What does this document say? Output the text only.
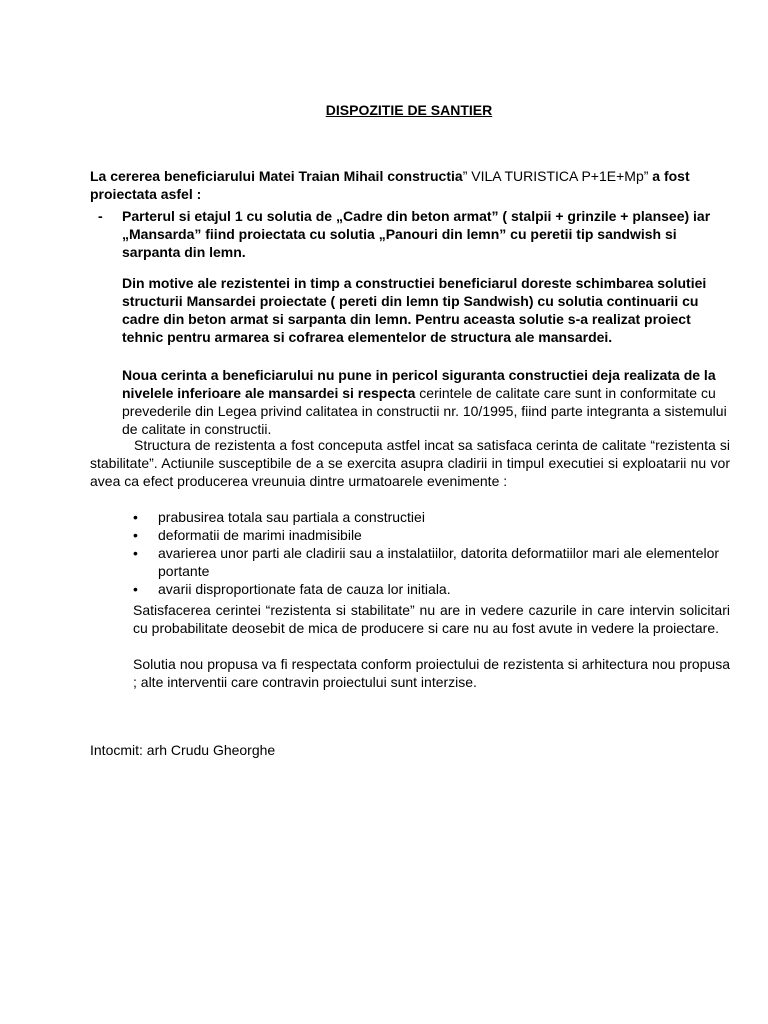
DISPOZITIE DE SANTIER
La cererea beneficiarului Matei Traian Mihail constructia” VILA TURISTICA P+1E+Mp” a fost proiectata asfel :
- Parterul si etajul 1 cu solutia de „Cadre din beton armat” ( stalpii + grinzile + plansee) iar „Mansarda” fiind proiectata cu solutia „Panouri din lemn” cu peretii tip sandwish si sarpanta din lemn.
Din motive ale rezistentei in timp a constructiei beneficiarul doreste schimbarea solutiei structurii Mansardei proiectate ( pereti din lemn tip Sandwish) cu solutia continuarii cu cadre din beton armat si sarpanta din lemn. Pentru aceasta solutie s-a realizat proiect tehnic pentru armarea si cofrarea elementelor de structura ale mansardei.
Noua cerinta a beneficiarului nu pune in pericol siguranta constructiei deja realizata de la nivelele inferioare ale mansardei si respecta cerintele de calitate care sunt in conformitate cu prevederile din Legea privind calitatea in constructii nr. 10/1995, fiind parte integranta a sistemului de calitate in constructii.
Structura de rezistenta a fost conceputa astfel incat sa satisfaca cerinta de calitate “rezistenta si stabilitate”. Actiunile susceptibile de a se exercita asupra cladirii in timpul executiei si exploatarii nu vor avea ca efect producerea vreunuia dintre urmatoarele evenimente :
• prabusirea totala sau partiala a constructiei
• deformatii de marimi inadmisibile
• avarierea unor parti ale cladirii sau a instalatiilor, datorita deformatiilor mari ale elementelor portante
• avarii disproportionate fata de cauza lor initiala.
Satisfacerea cerintei “rezistenta si stabilitate” nu are in vedere cazurile in care intervin solicitari cu probabilitate deosebit de mica de producere si care nu au fost avute in vedere la proiectare.
Solutia nou propusa va fi respectata conform proiectului de rezistenta si arhitectura nou propusa ; alte interventii care contravin proiectului sunt interzise.
Intocmit: arh Crudu Gheorghe
